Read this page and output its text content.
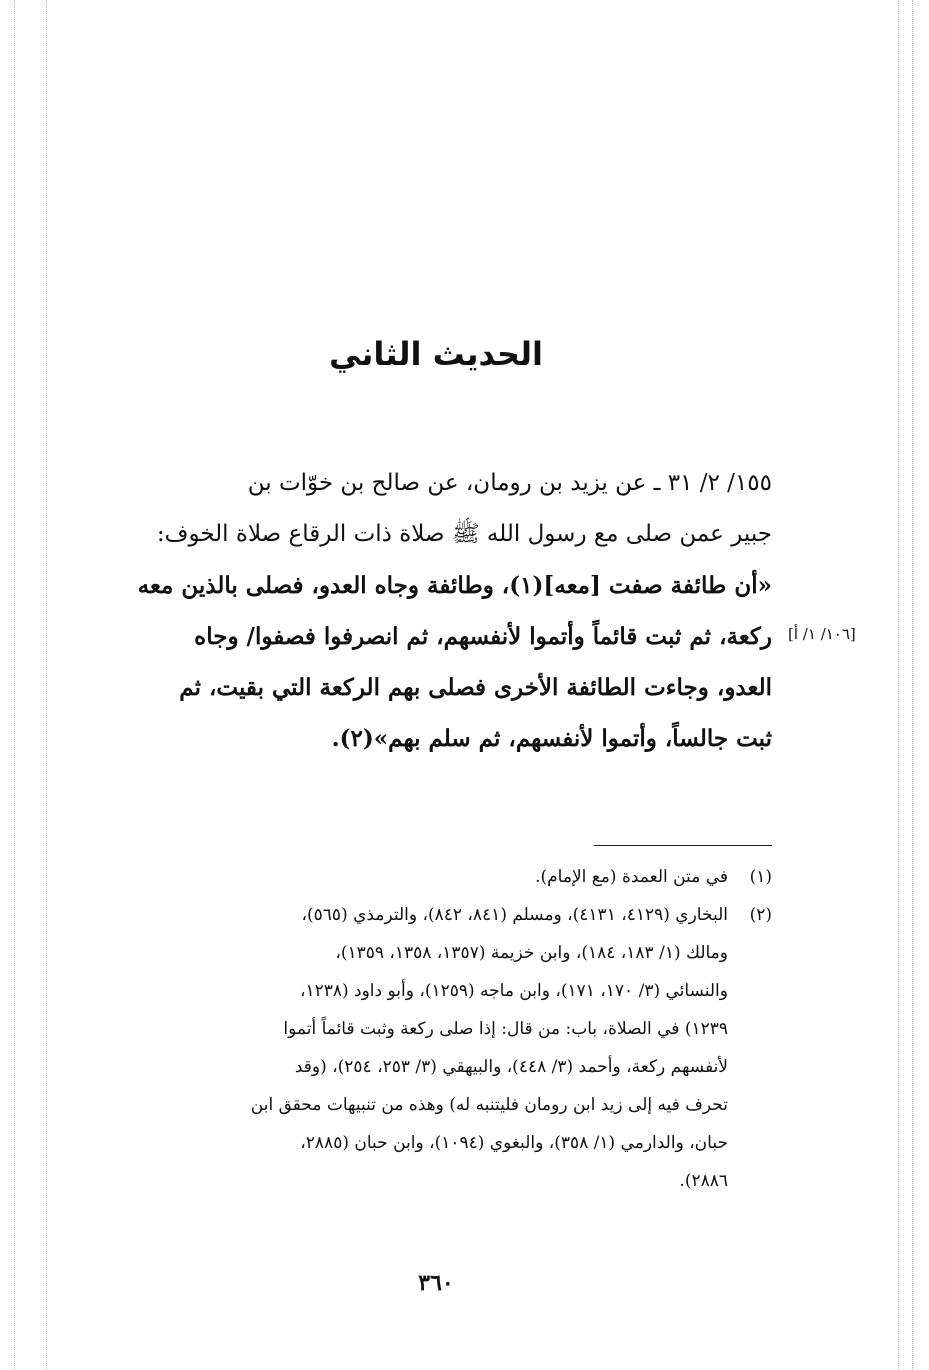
الحديث الثاني
١٥٥/ ٢/ ٣١ ـ عن يزيد بن رومان، عن صالح بن خوّات بن
جبير عمن صلى مع رسول الله ﷺ صلاة ذات الرقاع صلاة الخوف:
«أن طائفة صفت [معه](١)، وطائفة وجاه العدو، فصلى بالذين معه
ركعة، ثم ثبت قائماً وأتموا لأنفسهم، ثم انصرفوا فصفوا/ وجاه
العدو، وجاءت الطائفة الأخرى فصلى بهم الركعة التي بقيت، ثم
ثبت جالساً، وأتموا لأنفسهم، ثم سلم بهم»(٢).
[١٠٦/ ١/ أ]
(١)
في متن العمدة (مع الإمام).
(٢)
البخاري (٤١٢٩، ٤١٣١)، ومسلم (٨٤١، ٨٤٢)، والترمذي (٥٦٥)،
ومالك (١/ ١٨٣، ١٨٤)، وابن خزيمة (١٣٥٧، ١٣٥٨، ١٣٥٩)،
والنسائي (٣/ ١٧٠، ١٧١)، وابن ماجه (١٢٥٩)، وأبو داود (١٢٣٨،
١٢٣٩) في الصلاة، باب: من قال: إذا صلى ركعة وثبت قائماً أتموا
لأنفسهم ركعة، وأحمد (٣/ ٤٤٨)، والبيهقي (٣/ ٢٥٣، ٢٥٤)، (وقد
تحرف فيه إلى زيد ابن رومان فليتنبه له) وهذه من تنبيهات محقق ابن
حبان، والدارمي (١/ ٣٥٨)، والبغوي (١٠٩٤)، وابن حبان (٢٨٨٥،
٢٨٨٦).
٣٦٠
